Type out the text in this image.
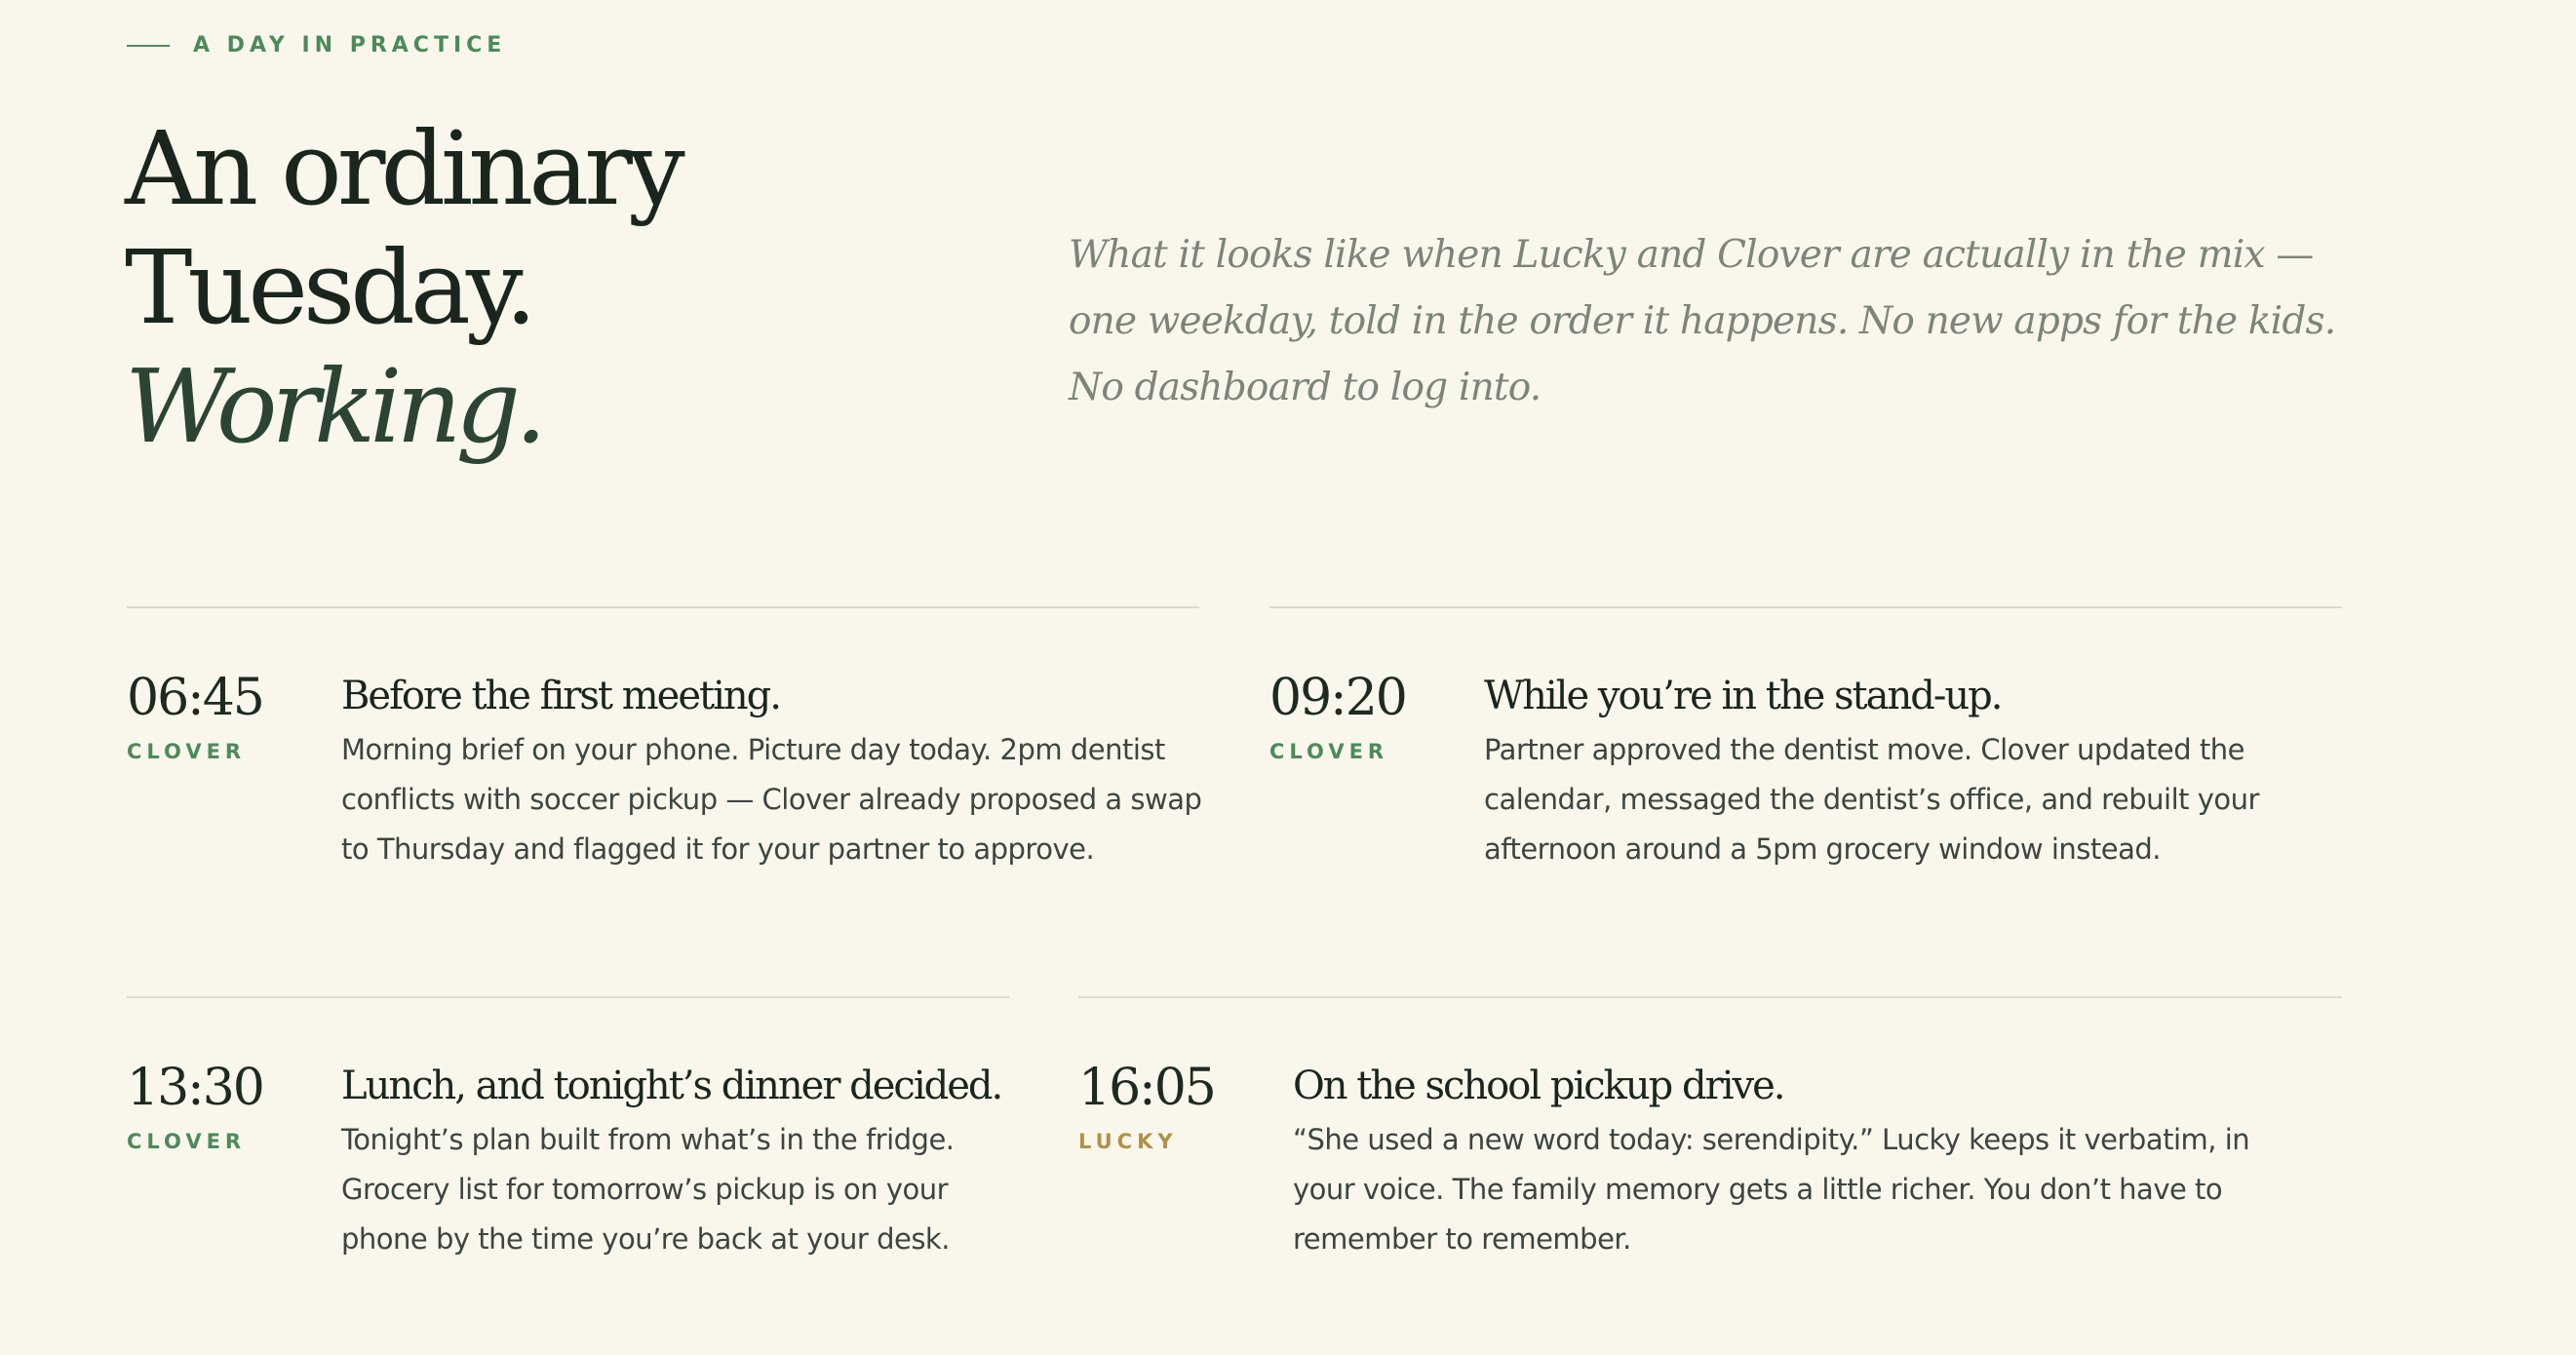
A DAY IN PRACTICE
An ordinary
Tuesday.
Working.

What it looks like when Lucky and Clover are actually in the mix — one weekday, told in the order it happens. No new apps for the kids. No dashboard to log into.

06:45
CLOVER
Before the first meeting.

Morning brief on your phone. Picture day today. 2pm dentist conflicts with soccer pickup — Clover already proposed a swap to Thursday and flagged it for your partner to approve.

09:20
CLOVER
While you’re in the stand-up.

Partner approved the dentist move. Clover updated the calendar, messaged the dentist’s office, and rebuilt your afternoon around a 5pm grocery window instead.

13:30
CLOVER
Lunch, and tonight’s dinner decided.

Tonight’s plan built from what’s in the fridge. Grocery list for tomorrow’s pickup is on your phone by the time you’re back at your desk.

16:05
LUCKY
On the school pickup drive.

“She used a new word today: serendipity.” Lucky keeps it verbatim, in your voice. The family memory gets a little richer. You don’t have to remember to remember.
